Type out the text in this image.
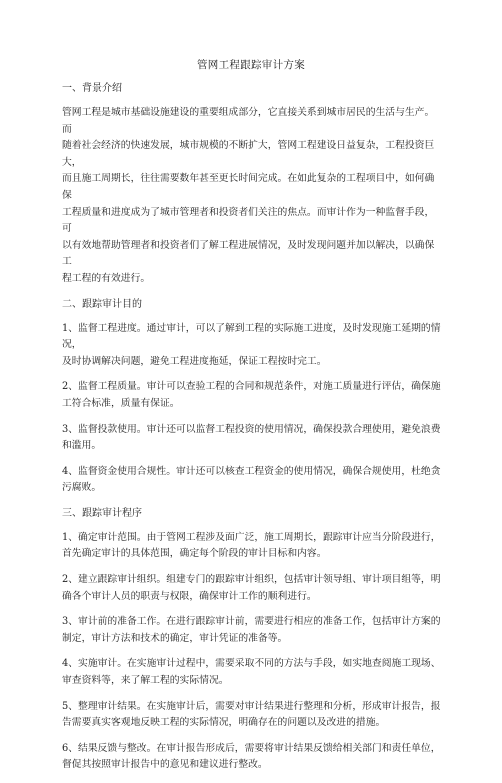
管网工程跟踪审计方案
一、背景介绍
管网工程是城市基础设施建设的重要组成部分，它直接关系到城市居民的生活与生产。而
随着社会经济的快速发展，城市规模的不断扩大，管网工程建设日益复杂，工程投资巨大，
而且施工周期长，往往需要数年甚至更长时间完成。在如此复杂的工程项目中，如何确保
工程质量和进度成为了城市管理者和投资者们关注的焦点。而审计作为一种监督手段，可
以有效地帮助管理者和投资者们了解工程进展情况，及时发现问题并加以解决，以确保工
程工程的有效进行。
二、跟踪审计目的
1、监督工程进度。通过审计，可以了解到工程的实际施工进度，及时发现施工延期的情况，
及时协调解决问题，避免工程进度拖延，保证工程按时完工。
2、监督工程质量。审计可以查验工程的合同和规范条件，对施工质量进行评估，确保施
工符合标准，质量有保证。
3、监督投款使用。审计还可以监督工程投资的使用情况，确保投款合理使用，避免浪费
和滥用。
4、监督资金使用合规性。审计还可以核查工程资金的使用情况，确保合规使用，杜绝贪
污腐败。
三、跟踪审计程序
1、确定审计范围。由于管网工程涉及面广泛，施工周期长，跟踪审计应当分阶段进行，
首先确定审计的具体范围，确定每个阶段的审计目标和内容。
2、建立跟踪审计组织。组建专门的跟踪审计组织，包括审计领导组、审计项目组等，明
确各个审计人员的职责与权限，确保审计工作的顺利进行。
3、审计前的准备工作。在进行跟踪审计前，需要进行相应的准备工作，包括审计方案的
制定，审计方法和技术的确定，审计凭证的准备等。
4、实施审计。在实施审计过程中，需要采取不同的方法与手段，如实地查阅施工现场、
审查资料等，来了解工程的实际情况。
5、整理审计结果。在实施审计后，需要对审计结果进行整理和分析，形成审计报告，报
告需要真实客观地反映工程的实际情况，明确存在的问题以及改进的措施。
6、结果反馈与整改。在审计报告形成后，需要将审计结果反馈给相关部门和责任单位，
督促其按照审计报告中的意见和建议进行整改。
